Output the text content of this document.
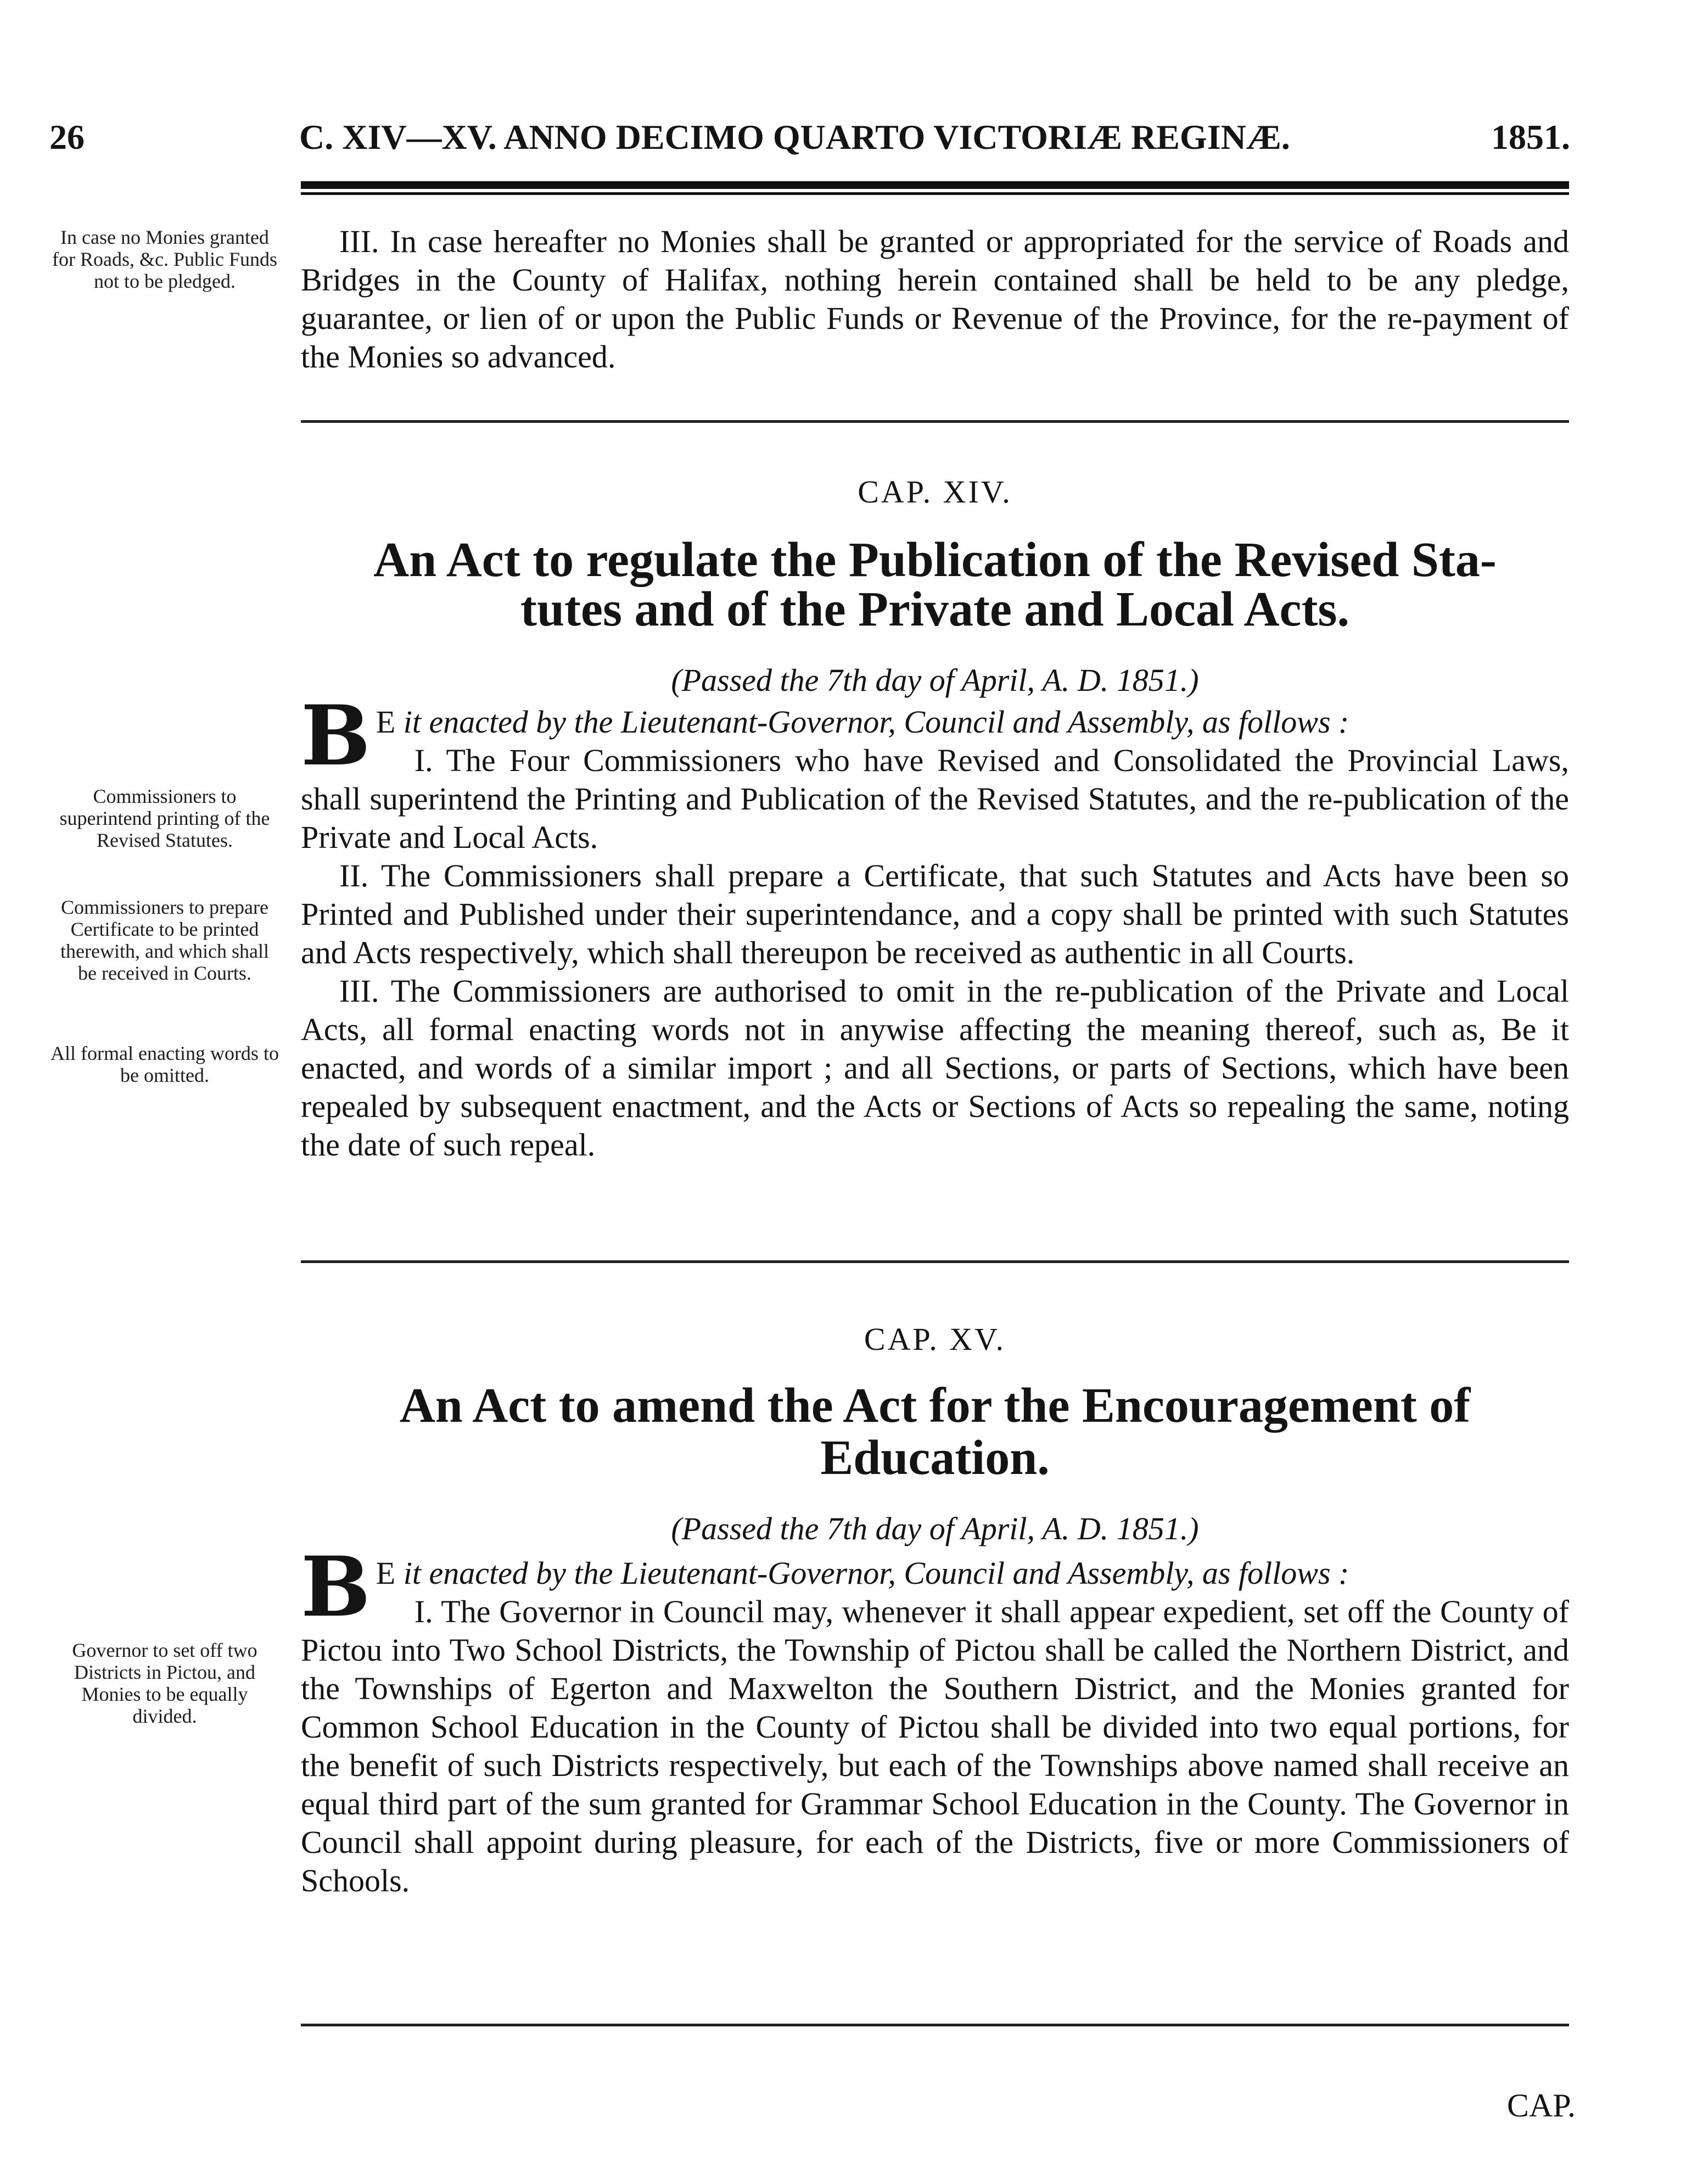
26	C. XIV—XV. ANNO DECIMO QUARTO VICTORIÆ REGINÆ.	1851.
In case no Monies granted for Roads, &c. Public Funds not to be pledged.

III. In case hereafter no Monies shall be granted or appropriated for the service of Roads and Bridges in the County of Halifax, nothing herein contained shall be held to be any pledge, guarantee, or lien of or upon the Public Funds or Revenue of the Province, for the re-payment of the Monies so advanced.

CAP. XIV.
An Act to regulate the Publication of the Revised Sta-
tutes and of the Private and Local Acts.
(Passed the 7th day of April, A. D. 1851.)

B E it enacted by the Lieutenant-Governor, Council and Assembly, as follows :

I. The Four Commissioners who have Revised and Consolidated the Provincial Laws, shall superintend the Printing and Publication of the Revised Statutes, and the re-publication of the Private and Local Acts.

II. The Commissioners shall prepare a Certificate, that such Statutes and Acts have been so Printed and Published under their superintendance, and a copy shall be printed with such Statutes and Acts respectively, which shall thereupon be received as authentic in all Courts.

III. The Commissioners are authorised to omit in the re-publication of the Private and Local Acts, all formal enacting words not in anywise affecting the meaning thereof, such as, Be it enacted, and words of a similar import ; and all Sections, or parts of Sections, which have been repealed by subsequent enactment, and the Acts or Sections of Acts so repealing the same, noting the date of such repeal.

Commissioners to superintend printing of the Revised Statutes.
Commissioners to prepare Certificate to be printed therewith, and which shall be received in Courts.
All formal enacting words to be omitted.
CAP. XV.
An Act to amend the Act for the Encouragement of
Education.
(Passed the 7th day of April, A. D. 1851.)

B E it enacted by the Lieutenant-Governor, Council and Assembly, as follows :

I. The Governor in Council may, whenever it shall appear expedient, set off the County of Pictou into Two School Districts, the Township of Pictou shall be called the Northern District, and the Townships of Egerton and Maxwelton the Southern District, and the Monies granted for Common School Education in the County of Pictou shall be divided into two equal portions, for the benefit of such Districts respectively, but each of the Townships above named shall receive an equal third part of the sum granted for Grammar School Education in the County. The Governor in Council shall appoint during pleasure, for each of the Districts, five or more Commissioners of Schools.

Governor to set off two Districts in Pictou, and Monies to be equally divided.
CAP.
